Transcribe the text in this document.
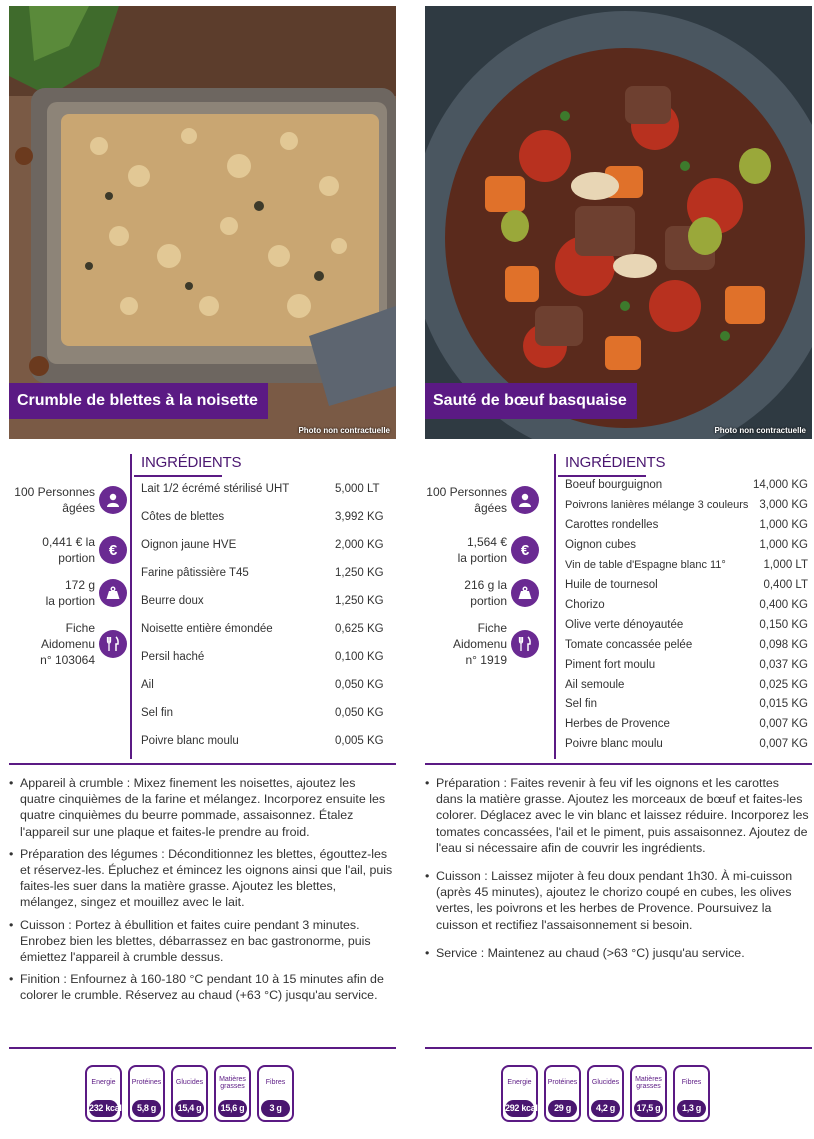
Crumble de blettes à la noisette
Photo non contractuelle
100 Personnes
âgées
0,441 € la
portion €
172 g
la portion
Fiche Aidomenu
n° 103064
INGRÉDIENTS
Lait 1/2 écrémé stérilisé UHT	5,000 LT
Côtes de blettes	3,992 KG
Oignon jaune HVE	2,000 KG
Farine pâtissière T45	1,250 KG
Beurre doux	1,250 KG
Noisette entière émondée	0,625 KG
Persil haché	0,100 KG
Ail	0,050 KG
Sel fin	0,050 KG
Poivre blanc moulu	0,005 KG
• Appareil à crumble : Mixez finement les noisettes, ajoutez les quatre cinquièmes de la farine et mélangez. Incorporez ensuite les quatre cinquièmes du beurre pommade, assaisonnez. Étalez l'appareil sur une plaque et faites-le prendre au froid.
• Préparation des légumes : Déconditionnez les blettes, égouttez-les et réservez-les. Épluchez et émincez les oignons ainsi que l'ail, puis faites-les suer dans la matière grasse. Ajoutez les blettes, mélangez, singez et mouillez avec le lait.
• Cuisson : Portez à ébullition et faites cuire pendant 3 minutes. Enrobez bien les blettes, débarrassez en bac gastronorme, puis émiettez l'appareil à crumble dessus.
• Finition : Enfournez à 160-180 °C pendant 10 à 15 minutes afin de colorer le crumble. Réservez au chaud (+63 °C) jusqu'au service.
Energie
232 kcal
Protéines
5,8 g
Glucides
15,4 g
Matières grasses
15,6 g
Fibres
3 g
Sauté de bœuf basquaise
Photo non contractuelle
100 Personnes
âgées
1,564 €
la portion €
216 g la
portion
Fiche Aidomenu
n° 1919
INGRÉDIENTS
Boeuf bourguignon	14,000 KG
Poivrons lanières mélange 3 couleurs 3,000 KG
Carottes rondelles	1,000 KG
Oignon cubes	1,000 KG
Vin de table d'Espagne blanc 11°	1,000 LT
Huile de tournesol	0,400 LT
Chorizo	0,400 KG
Olive verte dénoyautée	0,150 KG
Tomate concassée pelée	0,098 KG
Piment fort moulu	0,037 KG
Ail semoule	0,025 KG
Sel fin	0,015 KG
Herbes de Provence	0,007 KG
Poivre blanc moulu	0,007 KG
• Préparation : Faites revenir à feu vif les oignons et les carottes dans la matière grasse. Ajoutez les morceaux de bœuf et faites-les colorer. Déglacez avec le vin blanc et laissez réduire. Incorporez les tomates concassées, l'ail et le piment, puis assaisonnez. Ajoutez de l'eau si nécessaire afin de couvrir les ingrédients.
• Cuisson : Laissez mijoter à feu doux pendant 1h30. À mi-cuisson (après 45 minutes), ajoutez le chorizo coupé en cubes, les olives vertes, les poivrons et les herbes de Provence. Poursuivez la cuisson et rectifiez l'assaisonnement si besoin.
• Service : Maintenez au chaud (>63 °C) jusqu'au service.
Energie
292 kcal
Protéines
29 g
Glucides
4,2 g
Matières grasses
17,5 g
Fibres
1,3 g
